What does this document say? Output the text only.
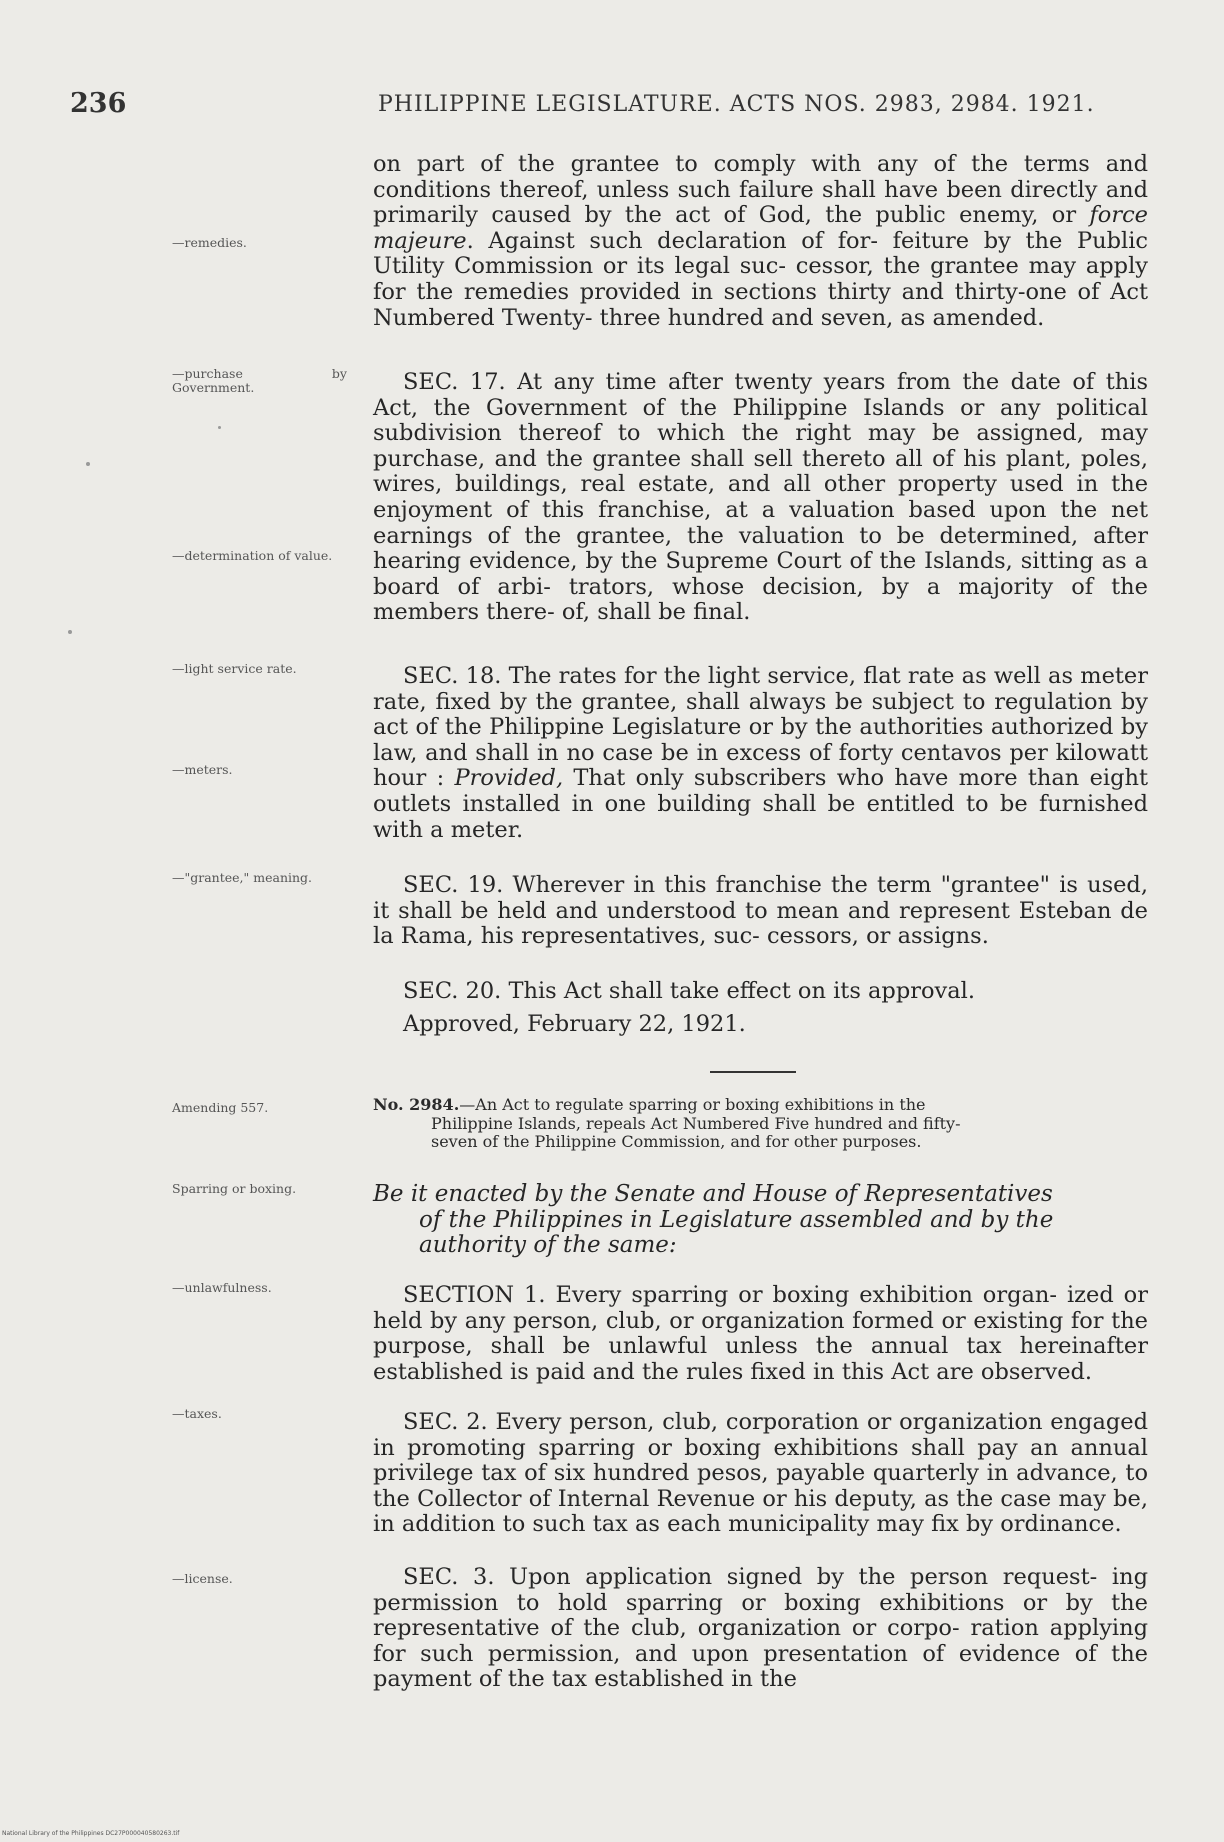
236	PHILIPPINE LEGISLATURE. ACTS NOS. 2983, 2984. 1921.
—remedies.
—purchase by Government.
—determination of value.
—light service rate.
—meters.
—"grantee," meaning.
Amending 557.
Sparring or boxing.
—unlawfulness.
—taxes.
—license.

on part of the grantee to comply with any of the terms and conditions thereof, unless such failure shall have been directly and primarily caused by the act of God, the public enemy, or force majeure. Against such declaration of for- feiture by the Public Utility Commission or its legal suc- cessor, the grantee may apply for the remedies provided in sections thirty and thirty-one of Act Numbered Twenty- three hundred and seven, as amended.

SEC. 17. At any time after twenty years from the date of this Act, the Government of the Philippine Islands or any political subdivision thereof to which the right may be assigned, may purchase, and the grantee shall sell thereto all of his plant, poles, wires, buildings, real estate, and all other property used in the enjoyment of this franchise, at a valuation based upon the net earnings of the grantee, the valuation to be determined, after hearing evidence, by the Supreme Court of the Islands, sitting as a board of arbi- trators, whose decision, by a majority of the members there- of, shall be final.

SEC. 18. The rates for the light service, flat rate as well as meter rate, fixed by the grantee, shall always be subject to regulation by act of the Philippine Legislature or by the authorities authorized by law, and shall in no case be in excess of forty centavos per kilowatt hour : Provided, That only subscribers who have more than eight outlets installed in one building shall be entitled to be furnished with a meter.

SEC. 19. Wherever in this franchise the term "grantee" is used, it shall be held and understood to mean and represent Esteban de la Rama, his representatives, suc- cessors, or assigns.

SEC. 20. This Act shall take effect on its approval.

Approved, February 22, 1921.

No. 2984.—An Act to regulate sparring or boxing exhibitions in the
Philippine Islands, repeals Act Numbered Five hundred and fifty-
seven of the Philippine Commission, and for other purposes.
Be it enacted by the Senate and House of Representatives
of the Philippines in Legislature assembled and by the
authority of the same:

SECTION 1. Every sparring or boxing exhibition organ- ized or held by any person, club, or organization formed or existing for the purpose, shall be unlawful unless the annual tax hereinafter established is paid and the rules fixed in this Act are observed.

SEC. 2. Every person, club, corporation or organization engaged in promoting sparring or boxing exhibitions shall pay an annual privilege tax of six hundred pesos, payable quarterly in advance, to the Collector of Internal Revenue or his deputy, as the case may be, in addition to such tax as each municipality may fix by ordinance.

SEC. 3. Upon application signed by the person request- ing permission to hold sparring or boxing exhibitions or by the representative of the club, organization or corpo- ration applying for such permission, and upon presentation of evidence of the payment of the tax established in the

National Library of the Philippines DC27P000040580263.tif
